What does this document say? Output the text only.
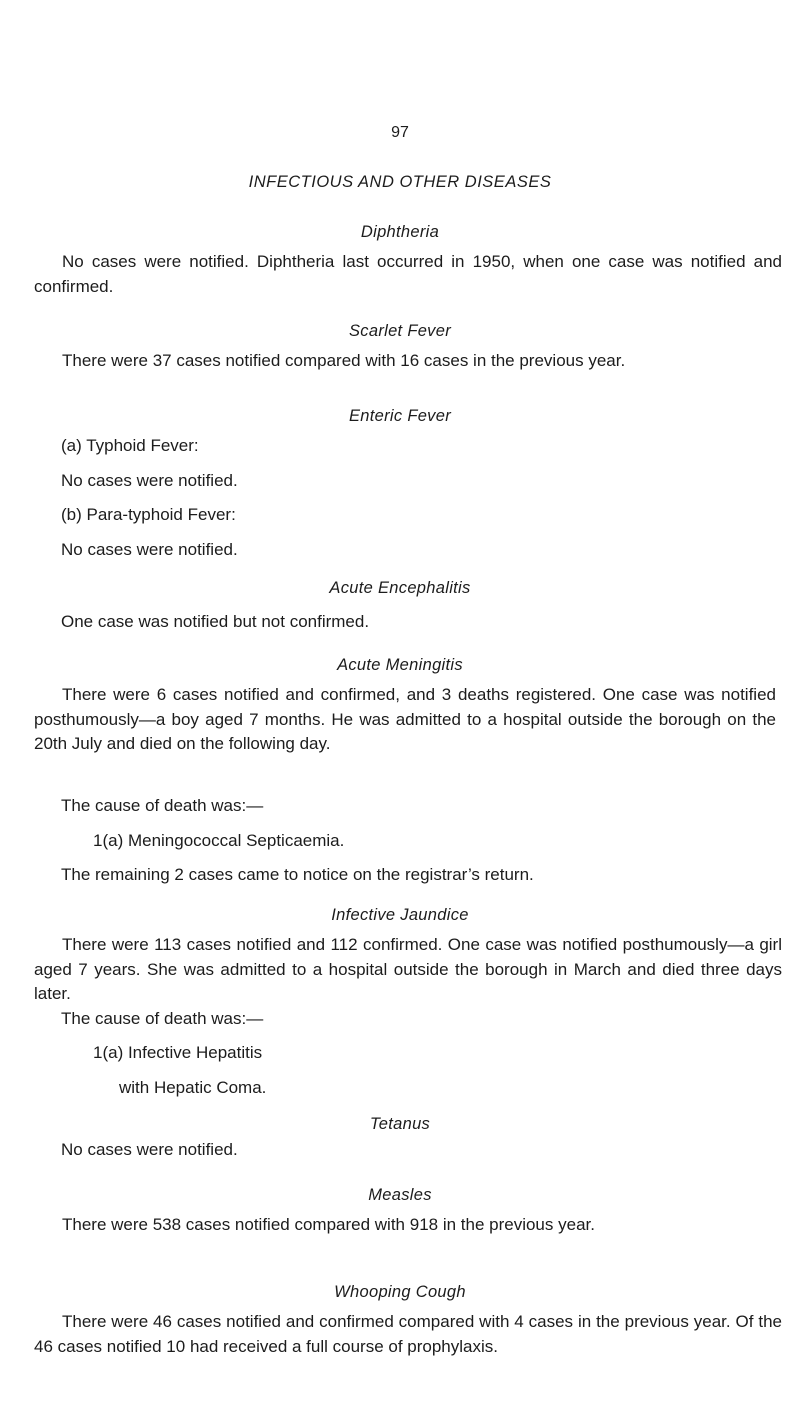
97
INFECTIOUS AND OTHER DISEASES
Diphtheria
No cases were notified. Diphtheria last occurred in 1950, when one case was notified and confirmed.
Scarlet Fever
There were 37 cases notified compared with 16 cases in the previous year.
Enteric Fever
(a) Typhoid Fever:
No cases were notified.
(b) Para-typhoid Fever:
No cases were notified.
Acute Encephalitis
One case was notified but not confirmed.
Acute Meningitis
There were 6 cases notified and confirmed, and 3 deaths registered. One case was notified posthumously—a boy aged 7 months. He was admitted to a hospital outside the borough on the 20th July and died on the following day.
The cause of death was:—
1(a) Meningococcal Septicaemia.
The remaining 2 cases came to notice on the registrar’s return.
Infective Jaundice
There were 113 cases notified and 112 confirmed. One case was notified posthumously—a girl aged 7 years. She was admitted to a hospital outside the borough in March and died three days later.
The cause of death was:—
1(a) Infective Hepatitis
with Hepatic Coma.
Tetanus
No cases were notified.
Measles
There were 538 cases notified compared with 918 in the previous year.
Whooping Cough
There were 46 cases notified and confirmed compared with 4 cases in the previous year. Of the 46 cases notified 10 had received a full course of prophylaxis.
